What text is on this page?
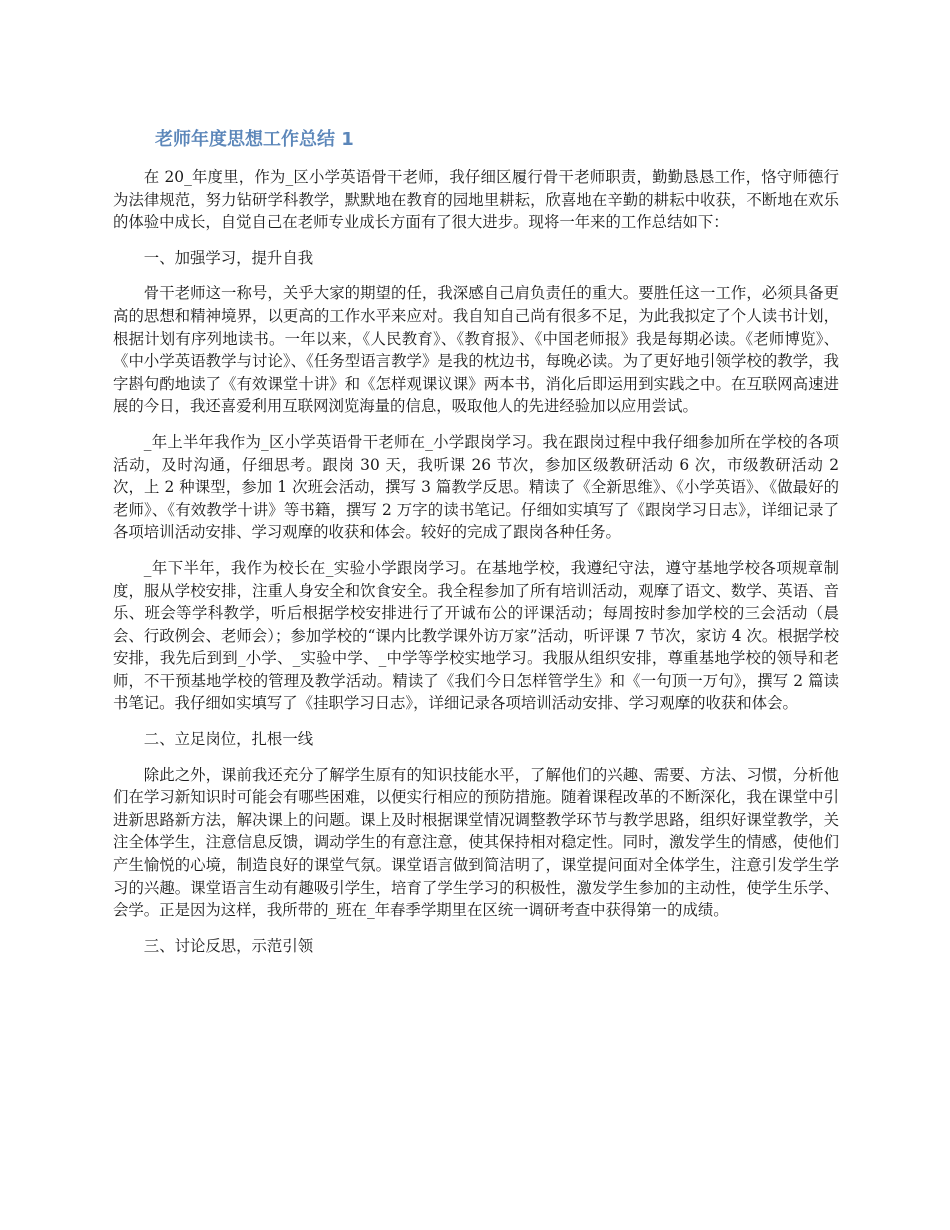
老师年度思想工作总结 1

在 20_年度里，作为_区小学英语骨干老师，我仔细区履行骨干老师职责，勤勤恳恳工作，恪守师德行为法律规范，努力钻研学科教学，默默地在教育的园地里耕耘，欣喜地在辛勤的耕耘中收获，不断地在欢乐的体验中成长，自觉自己在老师专业成长方面有了很大进步。现将一年来的工作总结如下：

一、加强学习，提升自我

骨干老师这一称号，关乎大家的期望的任，我深感自己肩负责任的重大。要胜任这一工作，必须具备更高的思想和精神境界，以更高的工作水平来应对。我自知自己尚有很多不足，为此我拟定了个人读书计划，根据计划有序列地读书。一年以来，《人民教育》、《教育报》、《中国老师报》我是每期必读。《老师博览》、《中小学英语教学与讨论》、《任务型语言教学》是我的枕边书，每晚必读。为了更好地引领学校的教学，我字斟句酌地读了《有效课堂十讲》和《怎样观课议课》两本书，消化后即运用到实践之中。在互联网高速进展的今日，我还喜爱利用互联网浏览海量的信息，吸取他人的先进经验加以应用尝试。

_年上半年我作为_区小学英语骨干老师在_小学跟岗学习。我在跟岗过程中我仔细参加所在学校的各项活动，及时沟通，仔细思考。跟岗 30 天，我听课 26 节次，参加区级教研活动 6 次，市级教研活动 2 次，上 2 种课型，参加 1 次班会活动，撰写 3 篇教学反思。精读了《全新思维》、《小学英语》、《做最好的老师》、《有效教学十讲》等书籍，撰写 2 万字的读书笔记。仔细如实填写了《跟岗学习日志》，详细记录了各项培训活动安排、学习观摩的收获和体会。较好的完成了跟岗各种任务。

_年下半年，我作为校长在_实验小学跟岗学习。在基地学校，我遵纪守法，遵守基地学校各项规章制度，服从学校安排，注重人身安全和饮食安全。我全程参加了所有培训活动，观摩了语文、数学、英语、音乐、班会等学科教学，听后根据学校安排进行了开诚布公的评课活动；每周按时参加学校的三会活动（晨会、行政例会、老师会）；参加学校的“课内比教学课外访万家”活动，听评课 7 节次，家访 4 次。根据学校安排，我先后到到_小学、_实验中学、_中学等学校实地学习。我服从组织安排，尊重基地学校的领导和老师，不干预基地学校的管理及教学活动。精读了《我们今日怎样管学生》和《一句顶一万句》，撰写 2 篇读书笔记。我仔细如实填写了《挂职学习日志》，详细记录各项培训活动安排、学习观摩的收获和体会。

二、立足岗位，扎根一线

除此之外，课前我还充分了解学生原有的知识技能水平，了解他们的兴趣、需要、方法、习惯，分析他们在学习新知识时可能会有哪些困难，以便实行相应的预防措施。随着课程改革的不断深化，我在课堂中引进新思路新方法，解决课上的问题。课上及时根据课堂情况调整教学环节与教学思路，组织好课堂教学，关注全体学生，注意信息反馈，调动学生的有意注意，使其保持相对稳定性。同时，激发学生的情感，使他们产生愉悦的心境，制造良好的课堂气氛。课堂语言做到简洁明了，课堂提问面对全体学生，注意引发学生学习的兴趣。课堂语言生动有趣吸引学生，培育了学生学习的积极性，激发学生参加的主动性，使学生乐学、会学。正是因为这样，我所带的_班在_年春季学期里在区统一调研考查中获得第一的成绩。

三、讨论反思，示范引领
